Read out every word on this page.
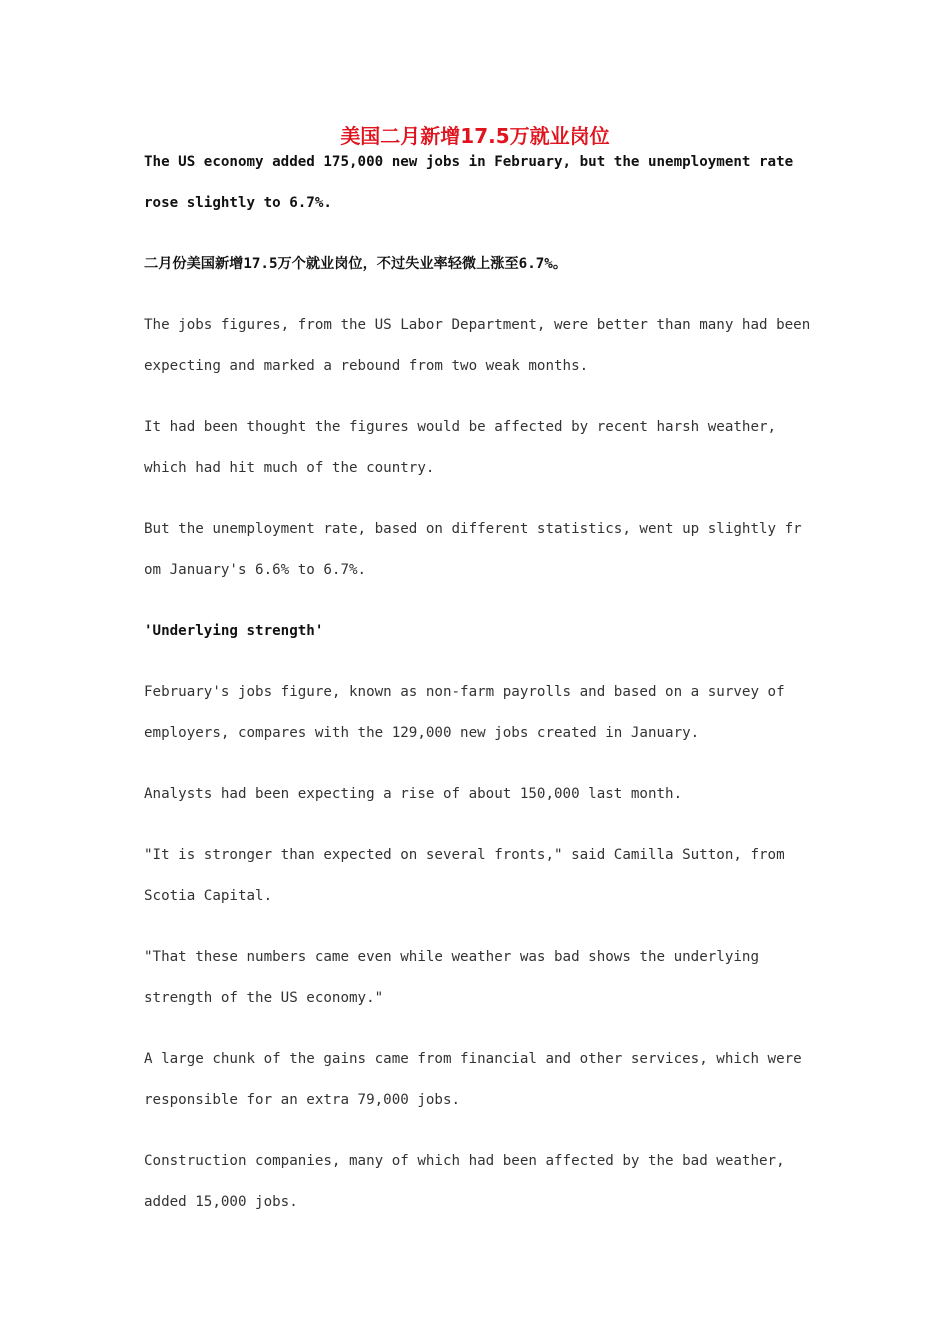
美国二月新增17.5万就业岗位

The US economy added 175,000 new jobs in February, but the unemployment rate rose slightly to 6.7%.

二月份美国新增17.5万个就业岗位，不过失业率轻微上涨至6.7%。

The jobs figures, from the US Labor Department, were better than many had been expecting and marked a rebound from two weak months.

It had been thought the figures would be affected by recent harsh weather, which had hit much of the country.

But the unemployment rate, based on different statistics, went up slightly fr om January's 6.6% to 6.7%.

'Underlying strength'

February's jobs figure, known as non-farm payrolls and based on a survey of employers, compares with the 129,000 new jobs created in January.

Analysts had been expecting a rise of about 150,000 last month.

"It is stronger than expected on several fronts," said Camilla Sutton, from Scotia Capital.

"That these numbers came even while weather was bad shows the underlying strength of the US economy."

A large chunk of the gains came from financial and other services, which were responsible for an extra 79,000 jobs.

Construction companies, many of which had been affected by the bad weather, added 15,000 jobs.
